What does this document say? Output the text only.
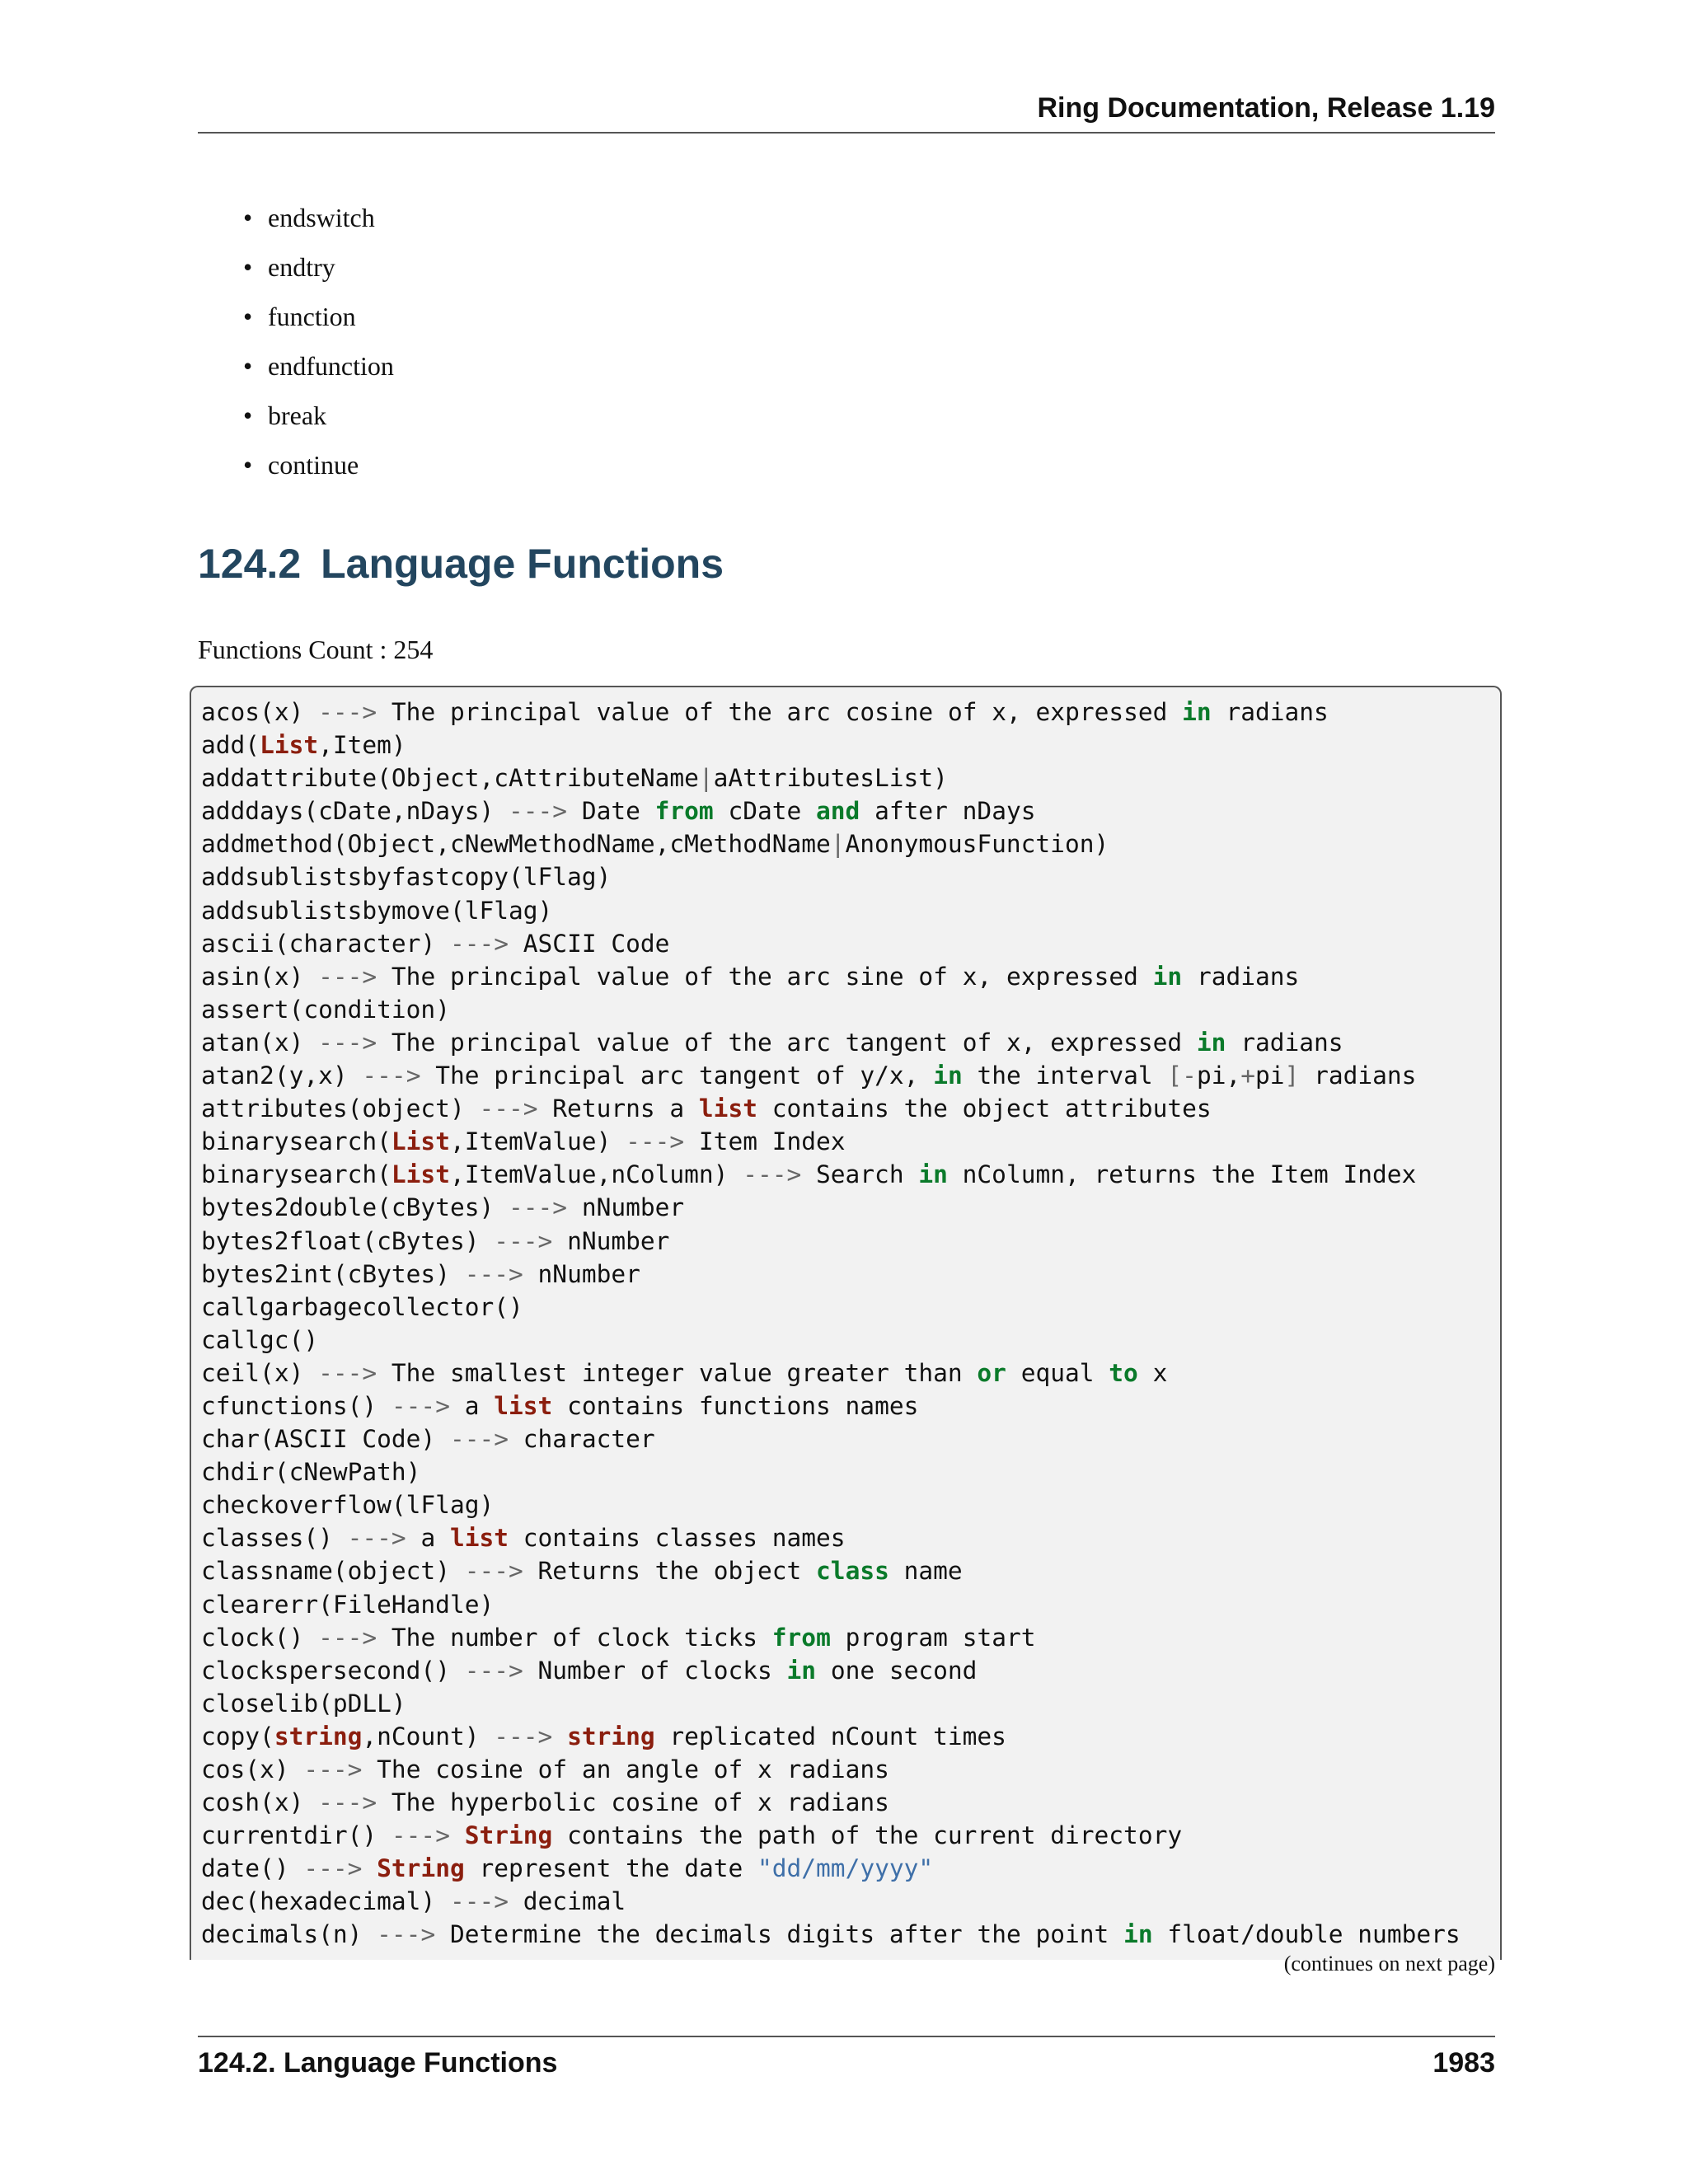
Ring Documentation, Release 1.19
• endswitch
• endtry
• function
• endfunction
• break
• continue
124.2 Language Functions
Functions Count : 254
acos(x) ---> The principal value of the arc cosine of x, expressed in radians
add(List,Item)
addattribute(Object,cAttributeName|aAttributesList)
adddays(cDate,nDays) ---> Date from cDate and after nDays
addmethod(Object,cNewMethodName,cMethodName|AnonymousFunction)
addsublistsbyfastcopy(lFlag)
addsublistsbymove(lFlag)
ascii(character) ---> ASCII Code
asin(x) ---> The principal value of the arc sine of x, expressed in radians
assert(condition)
atan(x) ---> The principal value of the arc tangent of x, expressed in radians
atan2(y,x) ---> The principal arc tangent of y/x, in the interval [-pi,+pi] radians
attributes(object) ---> Returns a list contains the object attributes
binarysearch(List,ItemValue) ---> Item Index
binarysearch(List,ItemValue,nColumn) ---> Search in nColumn, returns the Item Index
bytes2double(cBytes) ---> nNumber
bytes2float(cBytes) ---> nNumber
bytes2int(cBytes) ---> nNumber
callgarbagecollector()
callgc()
ceil(x) ---> The smallest integer value greater than or equal to x
cfunctions() ---> a list contains functions names
char(ASCII Code) ---> character
chdir(cNewPath)
checkoverflow(lFlag)
classes() ---> a list contains classes names
classname(object) ---> Returns the object class name
clearerr(FileHandle)
clock() ---> The number of clock ticks from program start
clockspersecond() ---> Number of clocks in one second
closelib(pDLL)
copy(string,nCount) ---> string replicated nCount times
cos(x) ---> The cosine of an angle of x radians
cosh(x) ---> The hyperbolic cosine of x radians
currentdir() ---> String contains the path of the current directory
date() ---> String represent the date "dd/mm/yyyy"
dec(hexadecimal) ---> decimal
decimals(n) ---> Determine the decimals digits after the point in float/double numbers
(continues on next page)
124.2. Language Functions	1983
